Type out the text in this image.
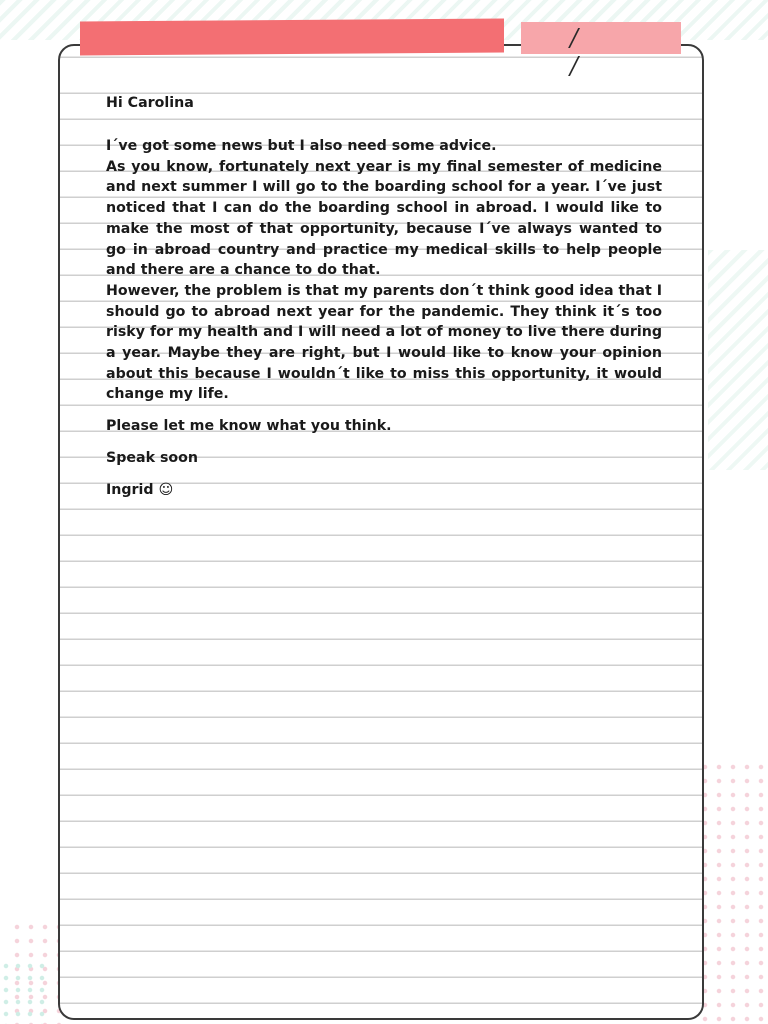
/ /

Hi Carolina

I´ve got some news but I also need some advice.
As you know, fortunately next year is my final semester of medicine and next summer I will go to the boarding school for a year. I´ve just noticed that I can do the boarding school in abroad. I would like to make the most of that opportunity, because I´ve always wanted to go in abroad country and practice my medical skills to help people and there are a chance to do that.
However, the problem is that my parents don´t think good idea that I should go to abroad next year for the pandemic. They think it´s too risky for my health and I will need a lot of money to live there during a year. Maybe they are right, but I would like to know your opinion about this because I wouldn´t like to miss this opportunity, it would change my life.

Please let me know what you think.

Speak soon

Ingrid ☺
